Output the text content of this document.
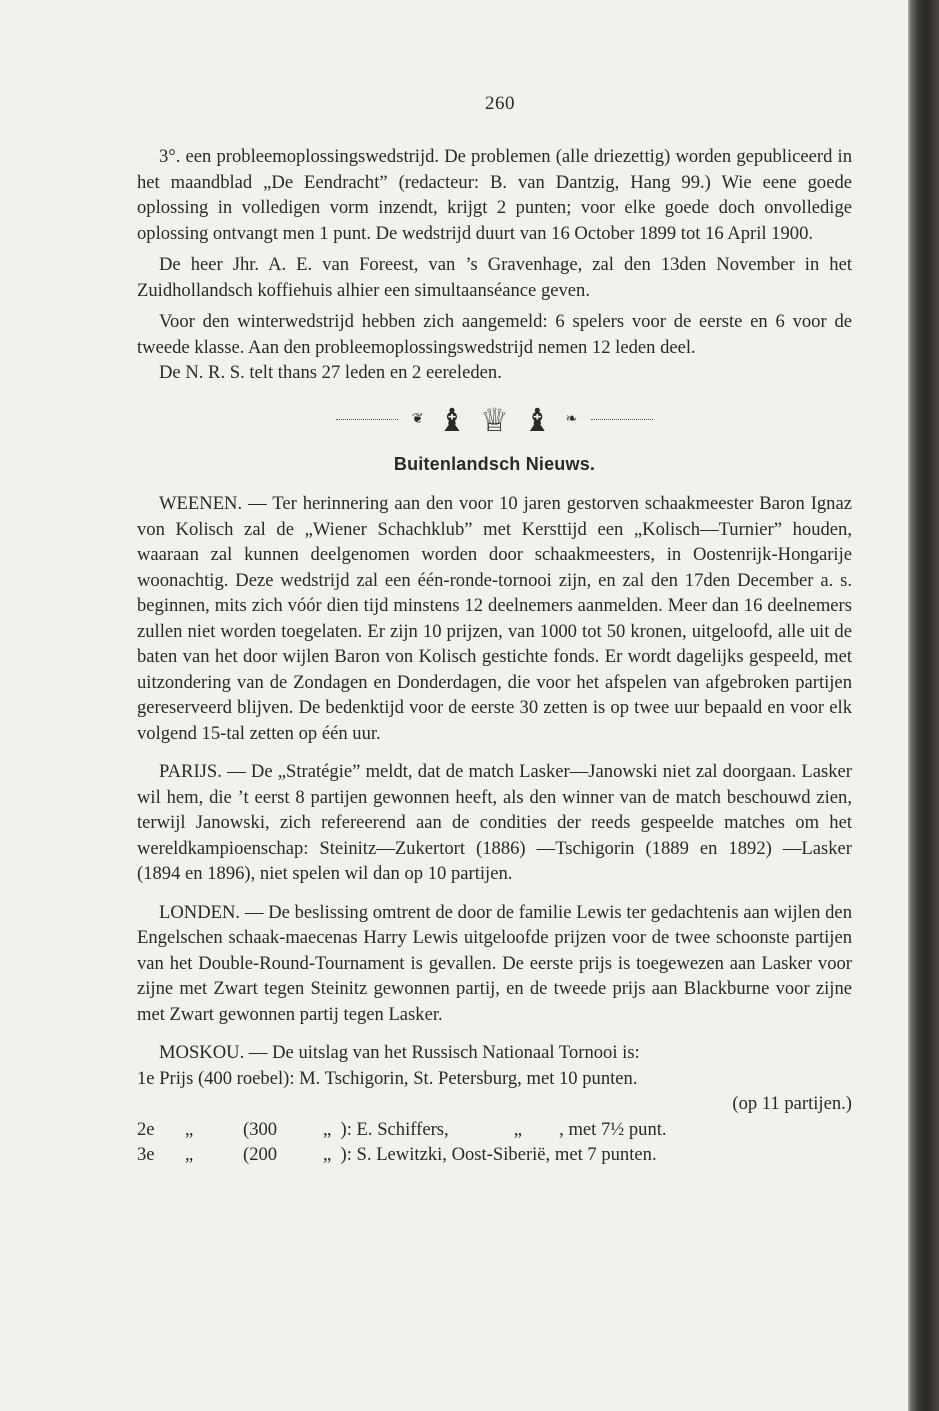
260

3°. een probleemoplossingswedstrijd. De problemen (alle driezettig) worden gepubliceerd in het maandblad „De Eendracht” (redacteur: B. van Dantzig, Hang 99.) Wie eene goede oplossing in volledigen vorm inzendt, krijgt 2 punten; voor elke goede doch onvolledige oplossing ontvangt men 1 punt. De wedstrijd duurt van 16 October 1899 tot 16 April 1900.

De heer Jhr. A. E. van Foreest, van ’s Gravenhage, zal den 13den November in het Zuidhollandsch koffiehuis alhier een simultaanséance geven.

Voor den winterwedstrijd hebben zich aangemeld: 6 spelers voor de eerste en 6 voor de tweede klasse. Aan den probleemoplossingswedstrijd nemen 12 leden deel.

De N. R. S. telt thans 27 leden en 2 eereleden.

❦ ♝ ♕ ♝ ❧
Buitenlandsch Nieuws.

WEENEN. — Ter herinnering aan den voor 10 jaren gestorven schaakmeester Baron Ignaz von Kolisch zal de „Wiener Schachklub” met Kersttijd een „Kolisch—Turnier” houden, waaraan zal kunnen deelgenomen worden door schaakmeesters, in Oostenrijk-Hongarije woonachtig. Deze wedstrijd zal een één-ronde-tornooi zijn, en zal den 17den December a. s. beginnen, mits zich vóór dien tijd minstens 12 deelnemers aanmelden. Meer dan 16 deelnemers zullen niet worden toegelaten. Er zijn 10 prijzen, van 1000 tot 50 kronen, uitgeloofd, alle uit de baten van het door wijlen Baron von Kolisch gestichte fonds. Er wordt dagelijks gespeeld, met uitzondering van de Zondagen en Donderdagen, die voor het afspelen van afgebroken partijen gereserveerd blijven. De bedenktijd voor de eerste 30 zetten is op twee uur bepaald en voor elk volgend 15-tal zetten op één uur.

PARIJS. — De „Stratégie” meldt, dat de match Lasker—Janowski niet zal doorgaan. Lasker wil hem, die ’t eerst 8 partijen gewonnen heeft, als den winner van de match beschouwd zien, terwijl Janowski, zich refereerend aan de condities der reeds gespeelde matches om het wereldkampioenschap: Steinitz—Zukertort (1886) —Tschigorin (1889 en 1892) —Lasker (1894 en 1896), niet spelen wil dan op 10 partijen.

LONDEN. — De beslissing omtrent de door de familie Lewis ter gedachtenis aan wijlen den Engelschen schaak-maecenas Harry Lewis uitgeloofde prijzen voor de twee schoonste partijen van het Double-Round-Tournament is gevallen. De eerste prijs is toegewezen aan Lasker voor zijne met Zwart tegen Steinitz gewonnen partij, en de tweede prijs aan Blackburne voor zijne met Zwart gewonnen partij tegen Lasker.

MOSKOU. — De uitslag van het Russisch Nationaal Tornooi is:

1e Prijs (400 roebel): M. Tschigorin, St. Petersburg, met 10 punten.

(op 11 partijen.)

2e	„	(300	„  ): E. Schiffers,              „        , met 7½ punt.
3e	„	(200	„  ): S. Lewitzki, Oost-Siberië, met 7 punten.
